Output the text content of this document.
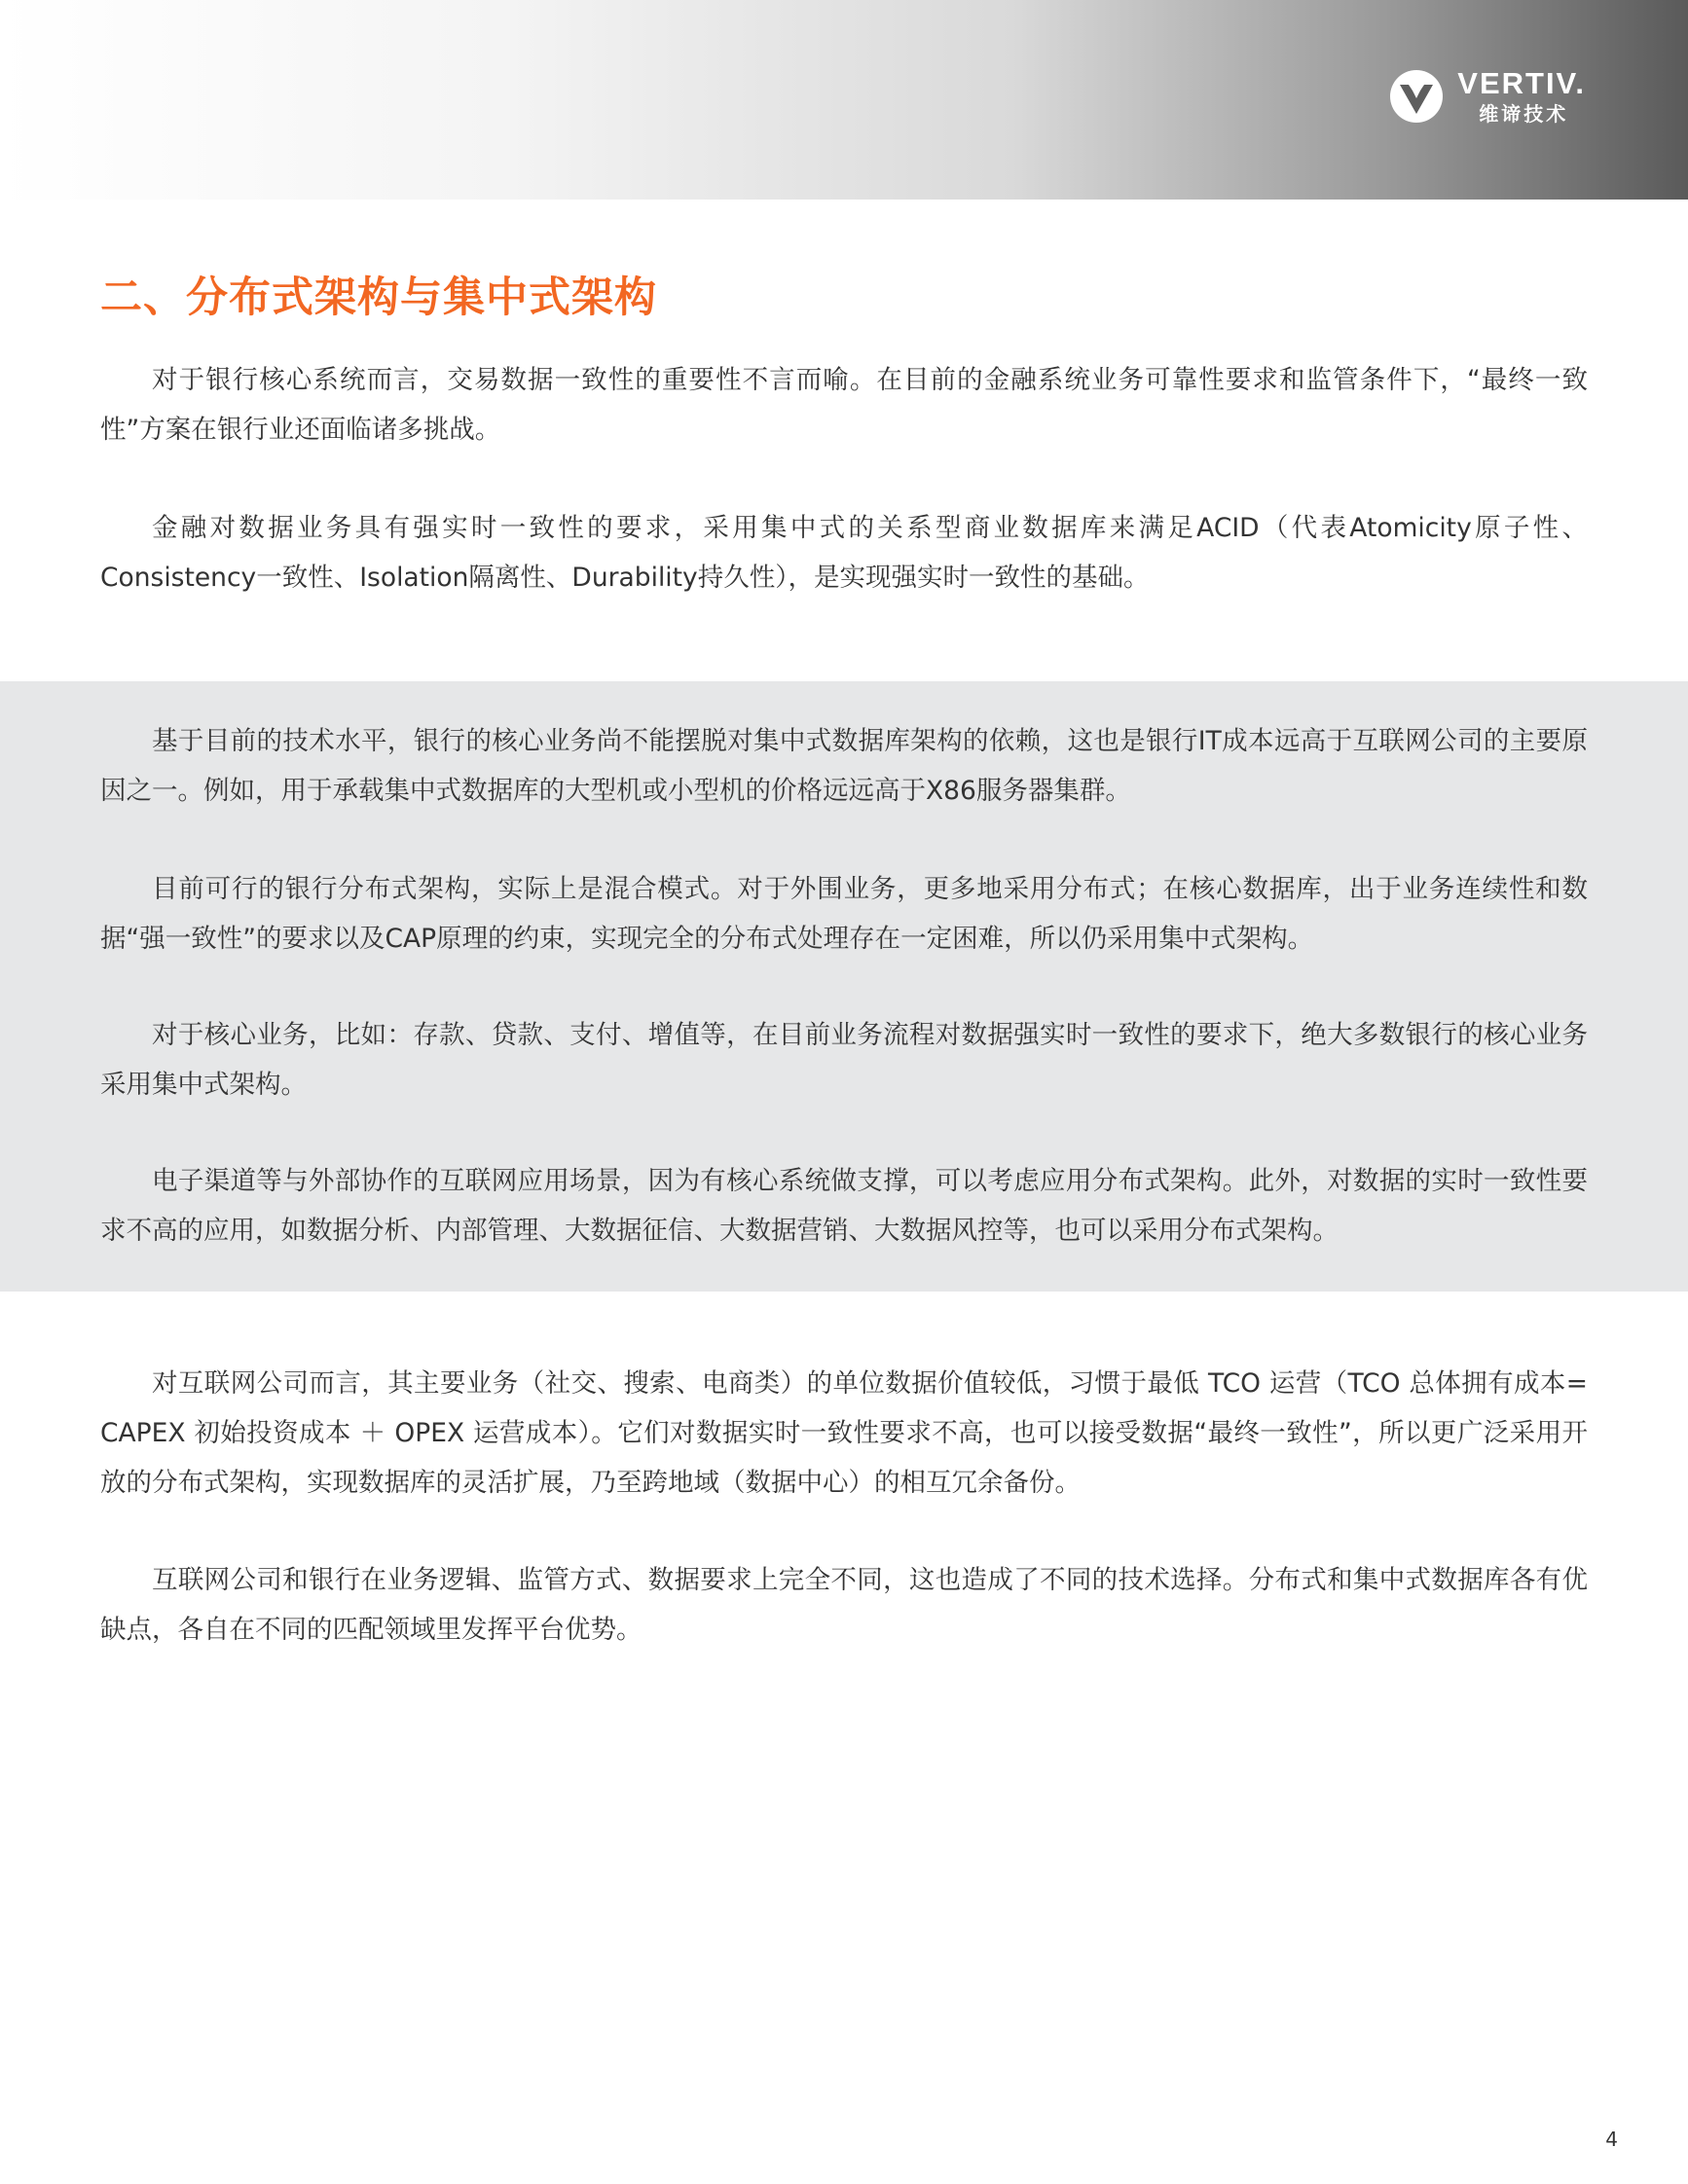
VERTIV.
维谛技术
二、分布式架构与集中式架构

对于银行核心系统而言，交易数据一致性的重要性不言而喻。在目前的金融系统业务可靠性要求和监管条件下，“最终一致性”方案在银行业还面临诸多挑战。

金融对数据业务具有强实时一致性的要求，采用集中式的关系型商业数据库来满足ACID（代表Atomicity原子性、Consistency一致性、Isolation隔离性、Durability持久性），是实现强实时一致性的基础。

基于目前的技术水平，银行的核心业务尚不能摆脱对集中式数据库架构的依赖，这也是银行IT成本远高于互联网公司的主要原因之一。例如，用于承载集中式数据库的大型机或小型机的价格远远高于X86服务器集群。

目前可行的银行分布式架构，实际上是混合模式。对于外围业务，更多地采用分布式；在核心数据库，出于业务连续性和数据“强一致性”的要求以及CAP原理的约束，实现完全的分布式处理存在一定困难，所以仍采用集中式架构。

对于核心业务，比如：存款、贷款、支付、增值等，在目前业务流程对数据强实时一致性的要求下，绝大多数银行的核心业务采用集中式架构。

电子渠道等与外部协作的互联网应用场景，因为有核心系统做支撑，可以考虑应用分布式架构。此外，对数据的实时一致性要求不高的应用，如数据分析、内部管理、大数据征信、大数据营销、大数据风控等，也可以采用分布式架构。

对互联网公司而言，其主要业务（社交、搜索、电商类）的单位数据价值较低，习惯于最低 TCO 运营（TCO 总体拥有成本= CAPEX 初始投资成本 ＋ OPEX 运营成本）。它们对数据实时一致性要求不高，也可以接受数据“最终一致性”，所以更广泛采用开放的分布式架构，实现数据库的灵活扩展，乃至跨地域（数据中心）的相互冗余备份。

互联网公司和银行在业务逻辑、监管方式、数据要求上完全不同，这也造成了不同的技术选择。分布式和集中式数据库各有优缺点，各自在不同的匹配领域里发挥平台优势。

4
